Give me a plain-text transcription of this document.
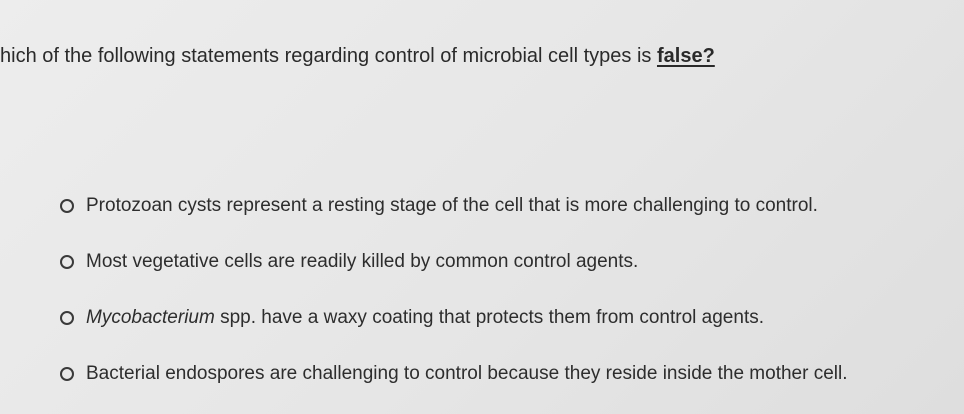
hich of the following statements regarding control of microbial cell types is false?
Protozoan cysts represent a resting stage of the cell that is more challenging to control.
Most vegetative cells are readily killed by common control agents.
Mycobacterium spp. have a waxy coating that protects them from control agents.
Bacterial endospores are challenging to control because they reside inside the mother cell.
